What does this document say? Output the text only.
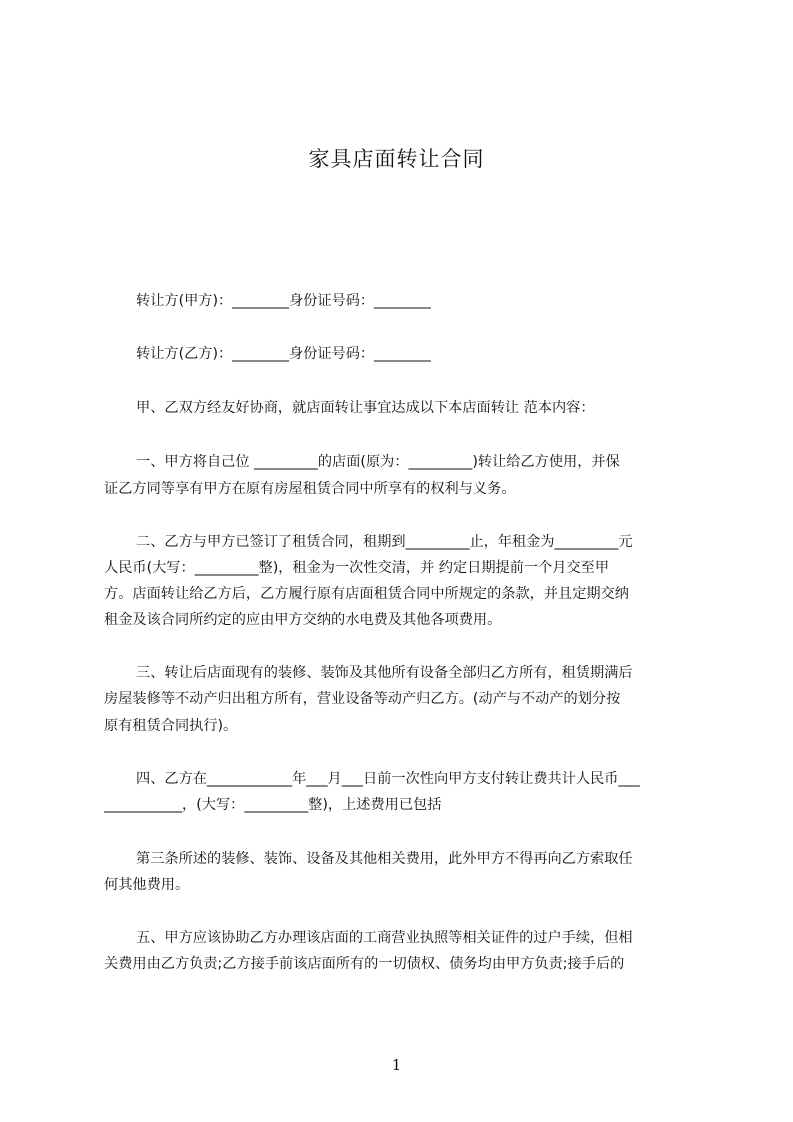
家具店面转让合同
转让方(甲方)：________身份证号码：________
转让方(乙方)：________身份证号码：________
甲、乙双方经友好协商，就店面转让事宜达成以下本店面转让 范本内容：
一、甲方将自己位 _________的店面(原为：_________)转让给乙方使用，并保
证乙方同等享有甲方在原有房屋租赁合同中所享有的权利与义务。
二、乙方与甲方已签订了租赁合同，租期到_________止，年租金为_________元
人民币(大写：_________整)，租金为一次性交清，并 约定日期提前一个月交至甲
方。店面转让给乙方后，乙方履行原有店面租赁合同中所规定的条款，并且定期交纳
租金及该合同所约定的应由甲方交纳的水电费及其他各项费用。
三、转让后店面现有的装修、装饰及其他所有设备全部归乙方所有，租赁期满后
房屋装修等不动产归出租方所有，营业设备等动产归乙方。(动产与不动产的划分按
原有租赁合同执行)。
四、乙方在____________年___月___日前一次性向甲方支付转让费共计人民币___
___________，(大写：_________整)，上述费用已包括
第三条所述的装修、装饰、设备及其他相关费用，此外甲方不得再向乙方索取任
何其他费用。
五、甲方应该协助乙方办理该店面的工商营业执照等相关证件的过户手续，但相
关费用由乙方负责;乙方接手前该店面所有的一切债权、债务均由甲方负责;接手后的
1
